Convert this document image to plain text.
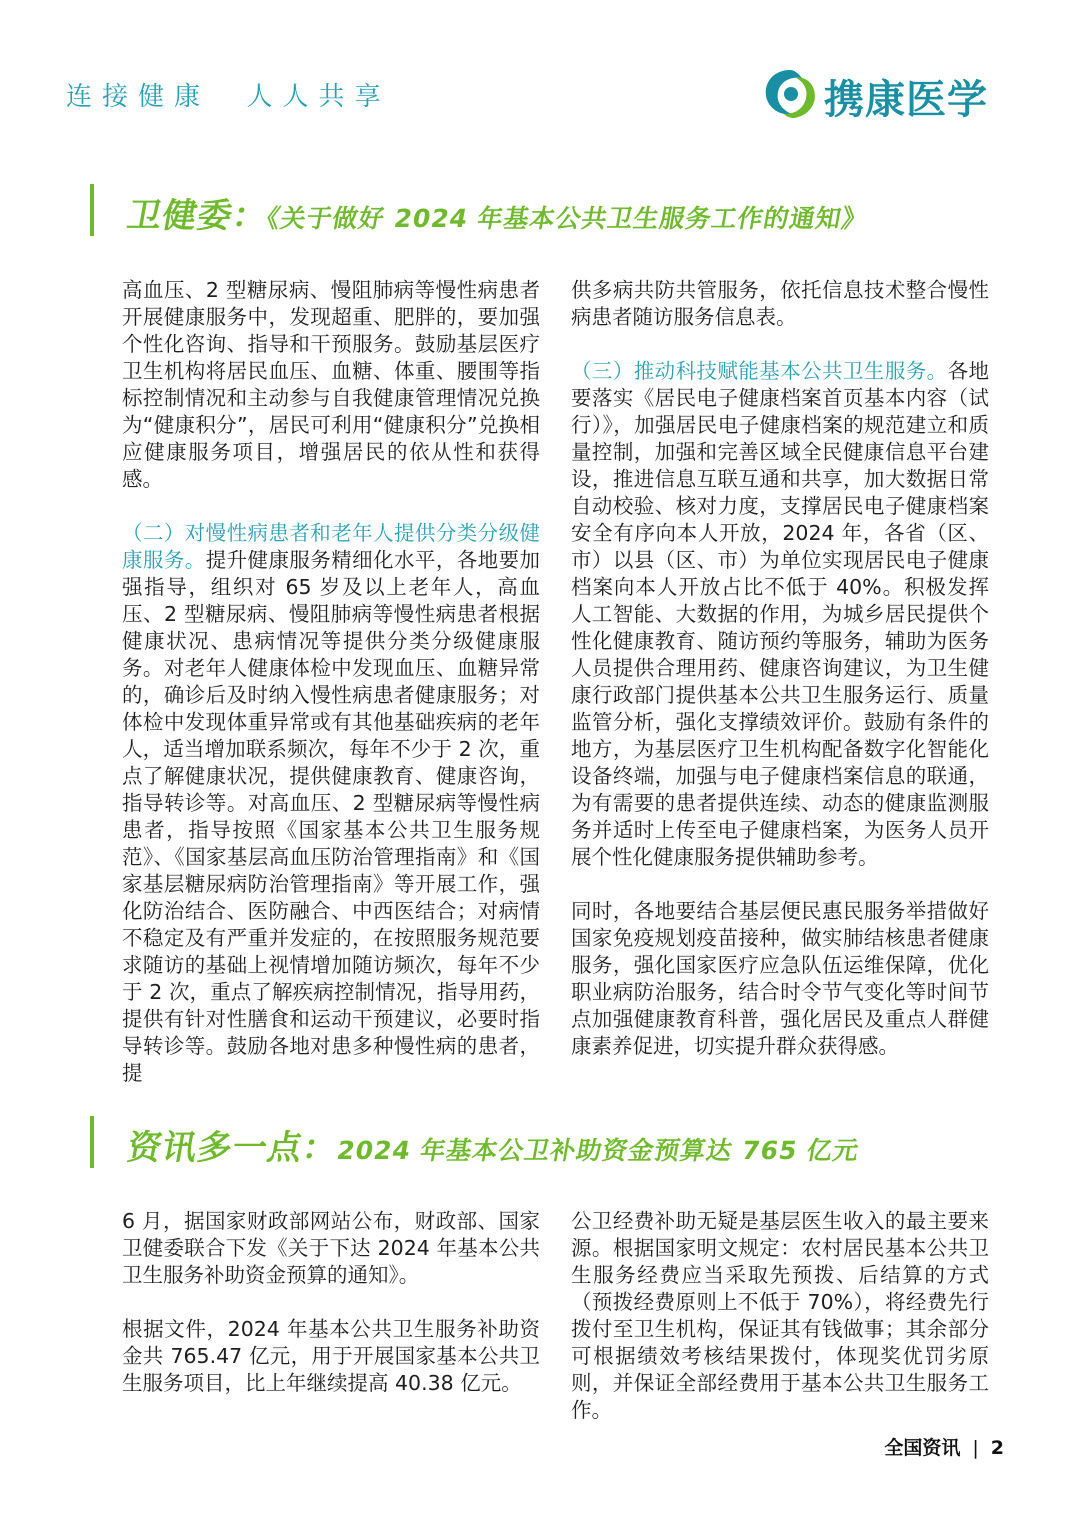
连接健康  人人共享	携康医学
卫健委：《关于做好 2024 年基本公共卫生服务工作的通知》

高血压、2 型糖尿病、慢阻肺病等慢性病患者开展健康服务中，发现超重、肥胖的，要加强个性化咨询、指导和干预服务。鼓励基层医疗卫生机构将居民血压、血糖、体重、腰围等指标控制情况和主动参与自我健康管理情况兑换为“健康积分”，居民可利用“健康积分”兑换相应健康服务项目，增强居民的依从性和获得感。

（二）对慢性病患者和老年人提供分类分级健康服务。提升健康服务精细化水平，各地要加强指导，组织对 65 岁及以上老年人，高血压、2 型糖尿病、慢阻肺病等慢性病患者根据健康状况、患病情况等提供分类分级健康服务。对老年人健康体检中发现血压、血糖异常的，确诊后及时纳入慢性病患者健康服务；对体检中发现体重异常或有其他基础疾病的老年人，适当增加联系频次，每年不少于 2 次，重点了解健康状况，提供健康教育、健康咨询，指导转诊等。对高血压、2 型糖尿病等慢性病患者，指导按照《国家基本公共卫生服务规范》、《国家基层高血压防治管理指南》和《国家基层糖尿病防治管理指南》等开展工作，强化防治结合、医防融合、中西医结合；对病情不稳定及有严重并发症的，在按照服务规范要求随访的基础上视情增加随访频次，每年不少于 2 次，重点了解疾病控制情况，指导用药，提供有针对性膳食和运动干预建议，必要时指导转诊等。鼓励各地对患多种慢性病的患者，提

供多病共防共管服务，依托信息技术整合慢性病患者随访服务信息表。

（三）推动科技赋能基本公共卫生服务。各地要落实《居民电子健康档案首页基本内容（试行）》，加强居民电子健康档案的规范建立和质量控制，加强和完善区域全民健康信息平台建设，推进信息互联互通和共享，加大数据日常自动校验、核对力度，支撑居民电子健康档案安全有序向本人开放，2024 年，各省（区、市）以县（区、市）为单位实现居民电子健康档案向本人开放占比不低于 40%。积极发挥人工智能、大数据的作用，为城乡居民提供个性化健康教育、随访预约等服务，辅助为医务人员提供合理用药、健康咨询建议，为卫生健康行政部门提供基本公共卫生服务运行、质量监管分析，强化支撑绩效评价。鼓励有条件的地方，为基层医疗卫生机构配备数字化智能化设备终端，加强与电子健康档案信息的联通，为有需要的患者提供连续、动态的健康监测服务并适时上传至电子健康档案，为医务人员开展个性化健康服务提供辅助参考。

同时，各地要结合基层便民惠民服务举措做好国家免疫规划疫苗接种，做实肺结核患者健康服务，强化国家医疗应急队伍运维保障，优化职业病防治服务，结合时令节气变化等时间节点加强健康教育科普，强化居民及重点人群健康素养促进，切实提升群众获得感。

资讯多一点：2024 年基本公卫补助资金预算达 765 亿元

6 月，据国家财政部网站公布，财政部、国家卫健委联合下发《关于下达 2024 年基本公共卫生服务补助资金预算的通知》。

根据文件，2024 年基本公共卫生服务补助资金共 765.47 亿元，用于开展国家基本公共卫生服务项目，比上年继续提高 40.38 亿元。

公卫经费补助无疑是基层医生收入的最主要来源。根据国家明文规定：农村居民基本公共卫生服务经费应当采取先预拨、后结算的方式（预拨经费原则上不低于 70%），将经费先行拨付至卫生机构，保证其有钱做事；其余部分可根据绩效考核结果拨付，体现奖优罚劣原则，并保证全部经费用于基本公共卫生服务工作。

全国资讯 | 2
